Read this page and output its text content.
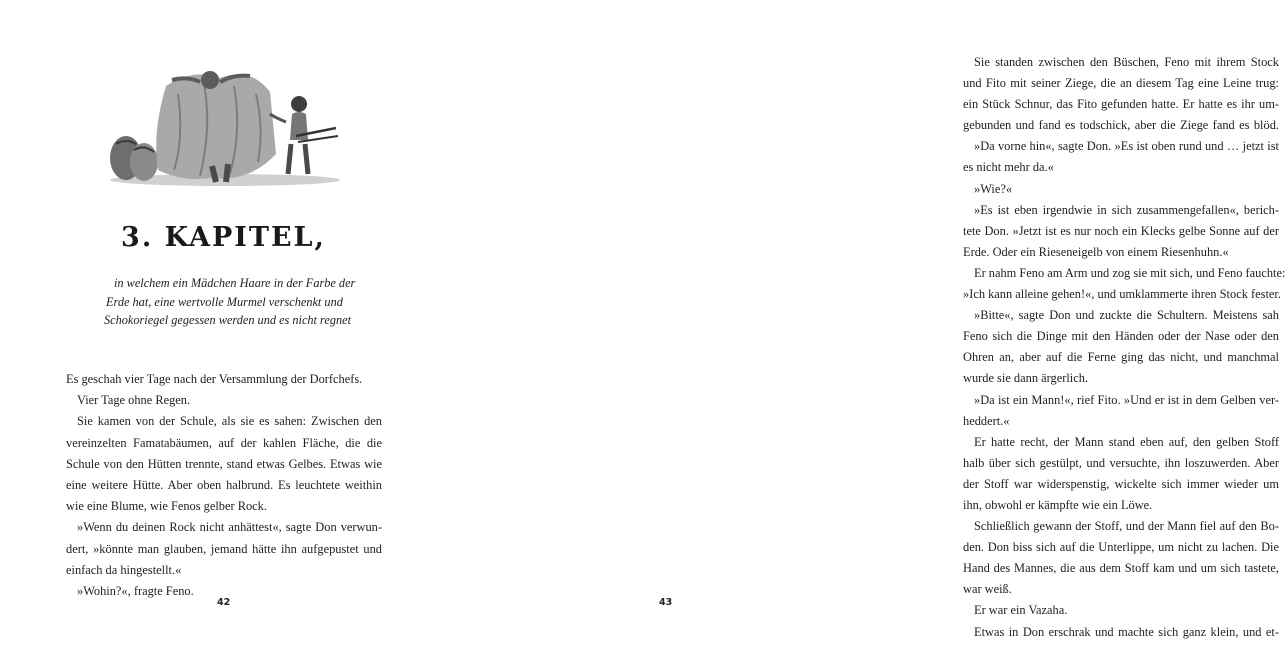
3. KAPITEL,
in welchem ein Mädchen Haare in der Farbe der
Erde hat, eine wertvolle Murmel verschenkt und
Schokoriegel gegessen werden und es nicht regnet
Es geschah vier Tage nach der Versammlung der Dorfchefs.
Vier Tage ohne Regen.
Sie kamen von der Schule, als sie es sahen: Zwischen den
vereinzelten Famatabäumen, auf der kahlen Fläche, die die
Schule von den Hütten trennte, stand etwas Gelbes. Etwas wie
eine weitere Hütte. Aber oben halbrund. Es leuchtete weithin
wie eine Blume, wie Fenos gelber Rock.
»Wenn du deinen Rock nicht anhättest«, sagte Don verwun-
dert, »könnte man glauben, jemand hätte ihn aufgepustet und
einfach da hingestellt.«
»Wohin?«, fragte Feno.
42
Sie standen zwischen den Büschen, Feno mit ihrem Stock
und Fito mit seiner Ziege, die an diesem Tag eine Leine trug:
ein Stück Schnur, das Fito gefunden hatte. Er hatte es ihr um-
gebunden und fand es todschick, aber die Ziege fand es blöd.
»Da vorne hin«, sagte Don. »Es ist oben rund und … jetzt ist
es nicht mehr da.«
»Wie?«
»Es ist eben irgendwie in sich zusammengefallen«, berich-
tete Don. »Jetzt ist es nur noch ein Klecks gelbe Sonne auf der
Erde. Oder ein Rieseneigelb von einem Riesenhuhn.«
Er nahm Feno am Arm und zog sie mit sich, und Feno fauchte:
»Ich kann alleine gehen!«, und umklammerte ihren Stock fester.
»Bitte«, sagte Don und zuckte die Schultern. Meistens sah
Feno sich die Dinge mit den Händen oder der Nase oder den
Ohren an, aber auf die Ferne ging das nicht, und manchmal
wurde sie dann ärgerlich.
»Da ist ein Mann!«, rief Fito. »Und er ist in dem Gelben ver-
heddert.«
Er hatte recht, der Mann stand eben auf, den gelben Stoff
halb über sich gestülpt, und versuchte, ihn loszuwerden. Aber
der Stoff war widerspenstig, wickelte sich immer wieder um
ihn, obwohl er kämpfte wie ein Löwe.
Schließlich gewann der Stoff, und der Mann fiel auf den Bo-
den. Don biss sich auf die Unterlippe, um nicht zu lachen. Die
Hand des Mannes, die aus dem Stoff kam und um sich tastete,
war weiß.
Er war ein Vazaha.
Etwas in Don erschrak und machte sich ganz klein, und et-
43
